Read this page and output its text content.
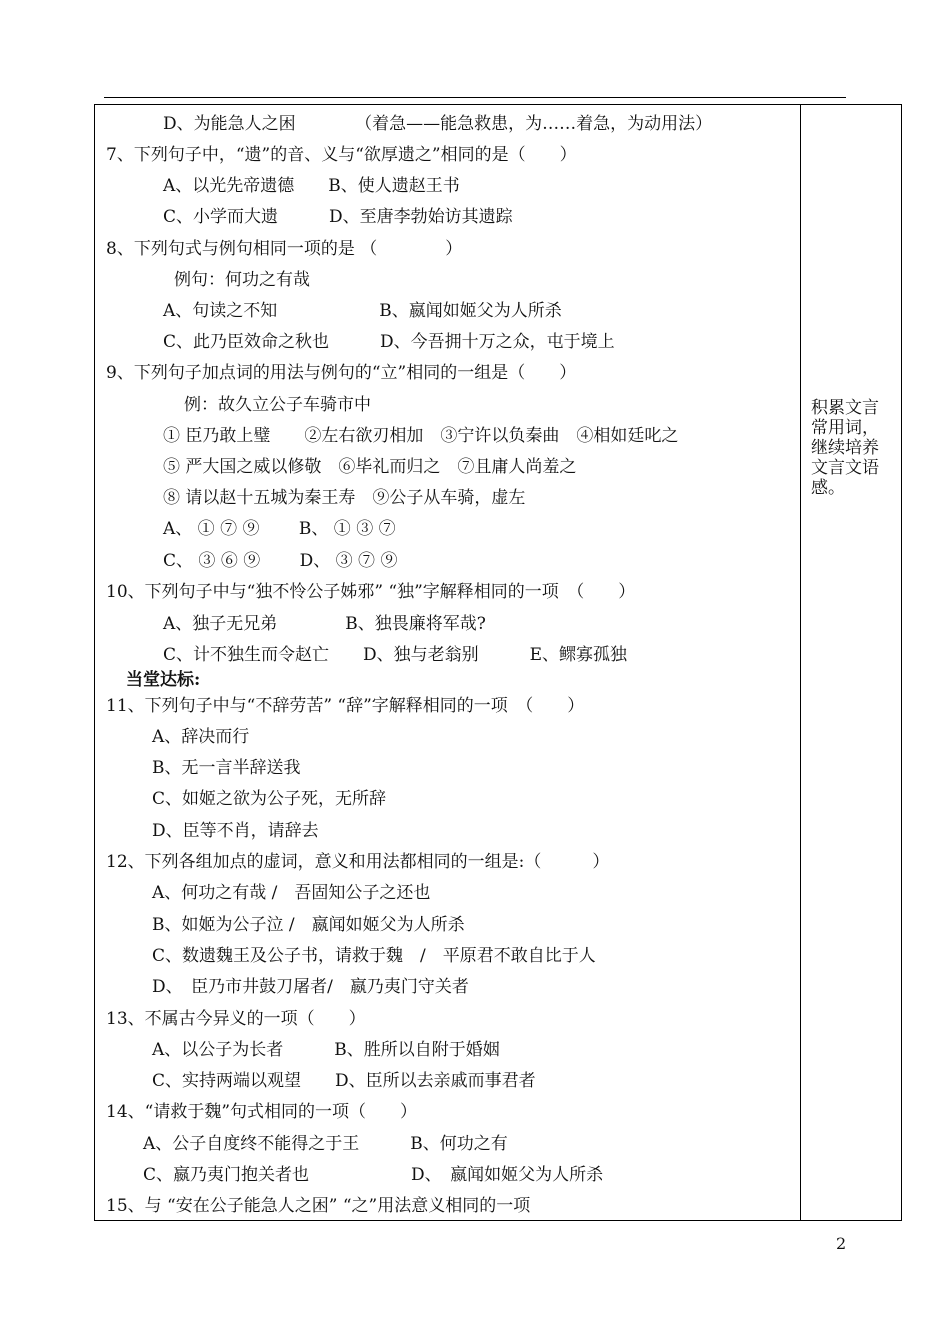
D、为能急人之困　　　　（着急——能急救患，为……着急，为动用法）
7、下列句子中，“遗”的音、义与“欲厚遗之”相同的是（　　）
A、以光先帝遗德　　B、使人遗赵王书
C、小学而大遗　　　D、至唐李勃始访其遗踪
8、下列句式与例句相同一项的是 （　　　　）
例句：何功之有哉
A、句读之不知　　　　　　B、嬴闻如姬父为人所杀
C、此乃臣效命之秋也　　　D、今吾拥十万之众，屯于境上
9、下列句子加点词的用法与例句的“立”相同的一组是（　　）
例：故久立公子车骑市中
① 臣乃敢上璧　　②左右欲刃相加　③宁许以负秦曲　④相如廷叱之
⑤ 严大国之威以修敬　⑥毕礼而归之　⑦且庸人尚羞之
⑧ 请以赵十五城为秦王寿　⑨公子从车骑，虚左
A、 ① ⑦ ⑨　　 B、 ① ③ ⑦
C、 ③ ⑥ ⑨　　 D、 ③ ⑦ ⑨
10、下列句子中与“独不怜公子姊邪” “独”字解释相同的一项　（　　）
A、独子无兄弟　　　　B、独畏廉将军哉?
C、计不独生而令赵亡　　D、独与老翁别　　　E、鳏寡孤独
当堂达标:
11、下列句子中与“不辞劳苦” “辞”字解释相同的一项　（　　）
A、辞决而行
B、无一言半辞送我
C、如姬之欲为公子死，无所辞
D、臣等不肖，请辞去
12、下列各组加点的虚词，意义和用法都相同的一组是:（　　　）
A、何功之有哉 /　吾固知公子之还也
B、如姬为公子泣 /　嬴闻如姬父为人所杀
C、数遗魏王及公子书，请救于魏　/　平原君不敢自比于人
D、　臣乃市井鼓刀屠者/　嬴乃夷门守关者
13、不属古今异义的一项（　　）
A、以公子为长者　　　B、胜所以自附于婚姻
C、实持两端以观望　　D、臣所以去亲戚而事君者
14、“请救于魏”句式相同的一项（　　）
A、公子自度终不能得之于王　　　B、何功之有
C、嬴乃夷门抱关者也　　　　　　D、　嬴闻如姬父为人所杀
15、与 “安在公子能急人之困” “之”用法意义相同的一项
积累文言
常用词，
继续培养
文言文语
感。
2
